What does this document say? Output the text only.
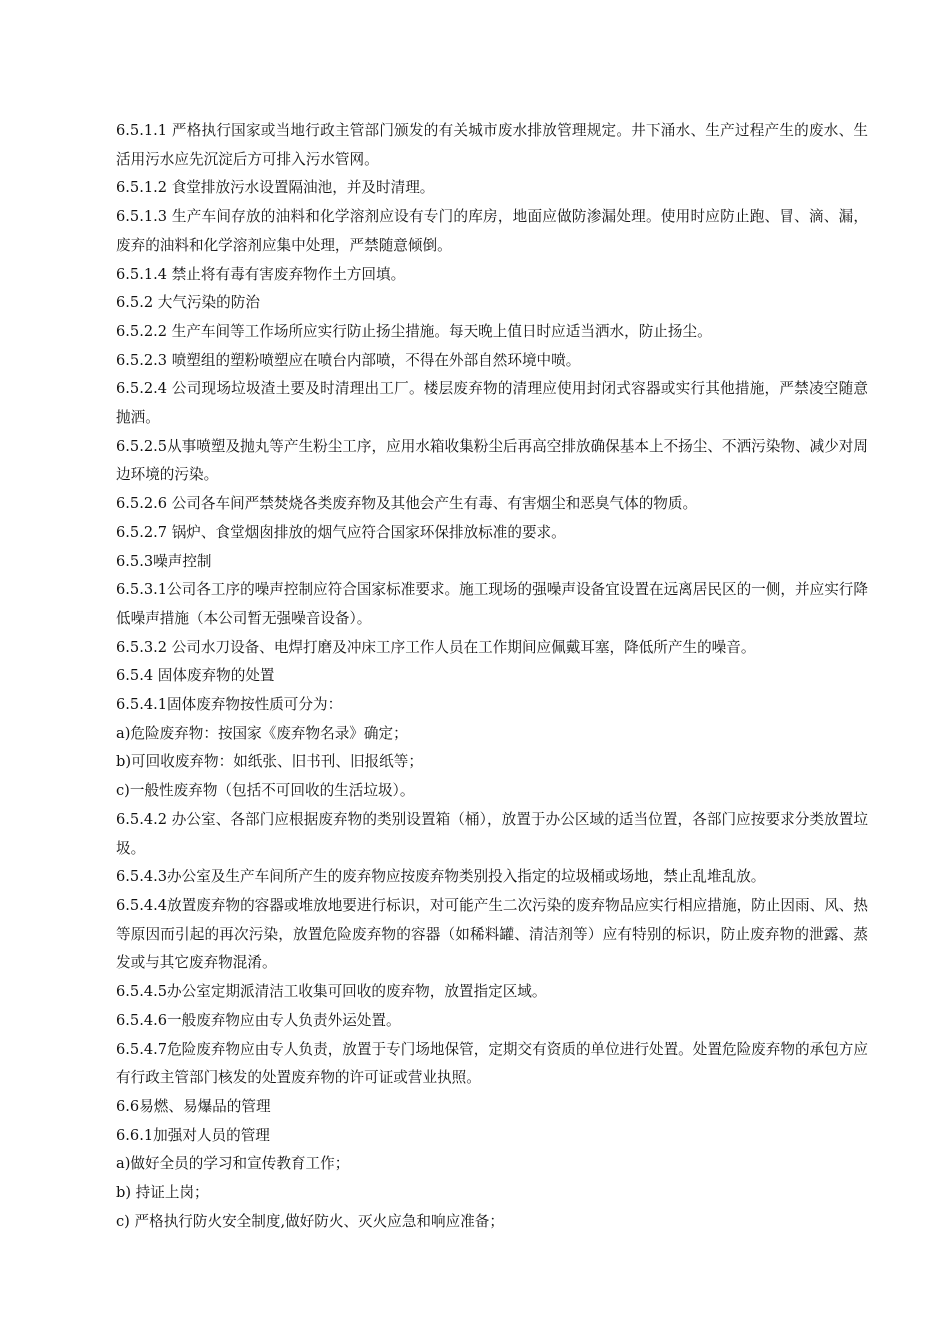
6.5.1.1 严格执行国家或当地行政主管部门颁发的有关城市废水排放管理规定。井下涌水、生产过程产生的废水、生活用污水应先沉淀后方可排入污水管网。

6.5.1.2 食堂排放污水设置隔油池，并及时清理。

6.5.1.3 生产车间存放的油料和化学溶剂应设有专门的库房，地面应做防渗漏处理。使用时应防止跑、冒、滴、漏，废弃的油料和化学溶剂应集中处理，严禁随意倾倒。

6.5.1.4 禁止将有毒有害废弃物作土方回填。

6.5.2 大气污染的防治

6.5.2.2 生产车间等工作场所应实行防止扬尘措施。每天晚上值日时应适当洒水，防止扬尘。

6.5.2.3 喷塑组的塑粉喷塑应在喷台内部喷，不得在外部自然环境中喷。

6.5.2.4 公司现场垃圾渣土要及时清理出工厂。楼层废弃物的清理应使用封闭式容器或实行其他措施，严禁凌空随意抛洒。

6.5.2.5从事喷塑及抛丸等产生粉尘工序，应用水箱收集粉尘后再高空排放确保基本上不扬尘、不洒污染物、减少对周边环境的污染。

6.5.2.6 公司各车间严禁焚烧各类废弃物及其他会产生有毒、有害烟尘和恶臭气体的物质。

6.5.2.7 锅炉、食堂烟囱排放的烟气应符合国家环保排放标准的要求。

6.5.3噪声控制

6.5.3.1公司各工序的噪声控制应符合国家标准要求。施工现场的强噪声设备宜设置在远离居民区的一侧，并应实行降低噪声措施（本公司暂无强噪音设备）。

6.5.3.2 公司水刀设备、电焊打磨及冲床工序工作人员在工作期间应佩戴耳塞，降低所产生的噪音。

6.5.4 固体废弃物的处置

6.5.4.1固体废弃物按性质可分为：

a)危险废弃物：按国家《废弃物名录》确定；

b)可回收废弃物：如纸张、旧书刊、旧报纸等；

c)一般性废弃物（包括不可回收的生活垃圾）。

6.5.4.2 办公室、各部门应根据废弃物的类别设置箱（桶），放置于办公区域的适当位置，各部门应按要求分类放置垃圾。

6.5.4.3办公室及生产车间所产生的废弃物应按废弃物类别投入指定的垃圾桶或场地，禁止乱堆乱放。

6.5.4.4放置废弃物的容器或堆放地要进行标识，对可能产生二次污染的废弃物品应实行相应措施，防止因雨、风、热等原因而引起的再次污染，放置危险废弃物的容器（如稀料罐、清洁剂等）应有特别的标识，防止废弃物的泄露、蒸发或与其它废弃物混淆。

6.5.4.5办公室定期派清洁工收集可回收的废弃物，放置指定区域。

6.5.4.6一般废弃物应由专人负责外运处置。

6.5.4.7危险废弃物应由专人负责，放置于专门场地保管，定期交有资质的单位进行处置。处置危险废弃物的承包方应有行政主管部门核发的处置废弃物的许可证或营业执照。

6.6易燃、易爆品的管理

6.6.1加强对人员的管理

a)做好全员的学习和宣传教育工作；

b) 持证上岗；

c) 严格执行防火安全制度,做好防火、灭火应急和响应准备；
